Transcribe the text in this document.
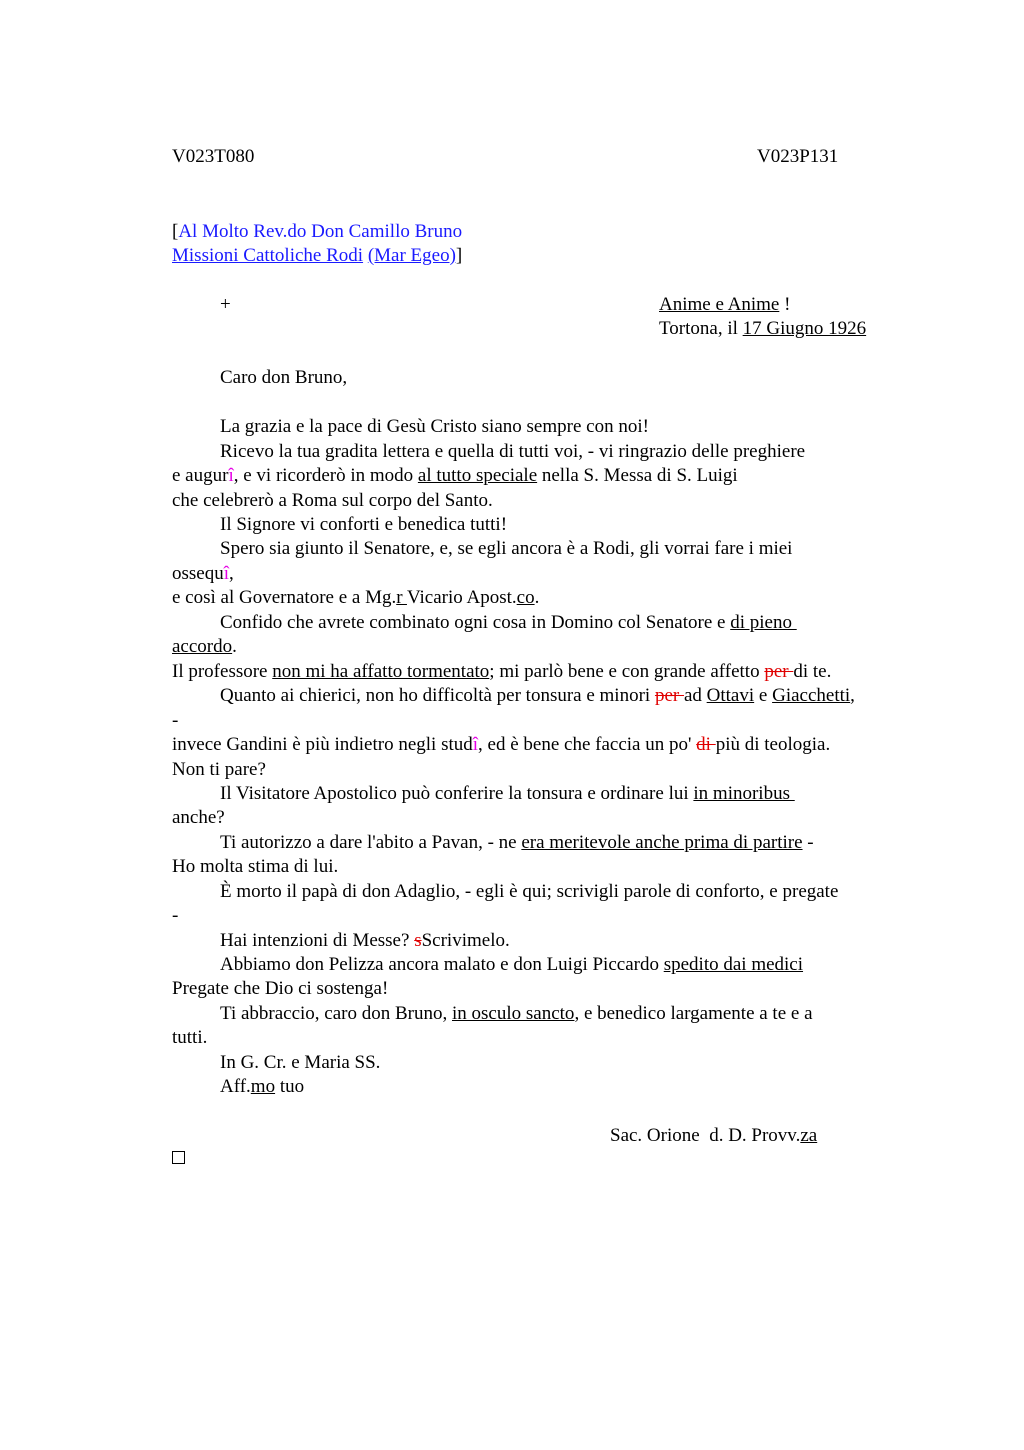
V023T080	V023P131
[Al Molto Rev.do Don Camillo Bruno
Missioni Cattoliche Rodi (Mar Egeo)]
+	Anime e Anime !
Tortona, il 17 Giugno 1926
Caro don Bruno,
La grazia e la pace di Gesù Cristo siano sempre con noi!
Ricevo la tua gradita lettera e quella di tutti voi, - vi ringrazio delle preghiere
e augurî, e vi ricorderò in modo al tutto speciale nella S. Messa di S. Luigi
che celebrerò a Roma sul corpo del Santo.
Il Signore vi conforti e benedica tutti!
Spero sia giunto il Senatore, e, se egli ancora è a Rodi, gli vorrai fare i miei
ossequî,
e così al Governatore e a Mg.r Vicario Apost.co.
Confido che avrete combinato ogni cosa in Domino col Senatore e di pieno
accordo.
Il professore non mi ha affatto tormentato; mi parlò bene e con grande affetto per di te.
Quanto ai chierici, non ho difficoltà per tonsura e minori per ad Ottavi e Giacchetti,
-
invece Gandini è più indietro negli studî, ed è bene che faccia un po' di più di teologia.
Non ti pare?
Il Visitatore Apostolico può conferire la tonsura e ordinare lui in minoribus
anche?
Ti autorizzo a dare l'abito a Pavan, - ne era meritevole anche prima di partire -
Ho molta stima di lui.
È morto il papà di don Adaglio, - egli è qui; scrivigli parole di conforto, e pregate
-
Hai intenzioni di Messe? sScrivimelo.
Abbiamo don Pelizza ancora malato e don Luigi Piccardo spedito dai medici
Pregate che Dio ci sostenga!
Ti abbraccio, caro don Bruno, in osculo sancto, e benedico largamente a te e a
tutti.
In G. Cr. e Maria SS.
Aff.mo tuo
Sac. Orione  d. D. Provv.za
